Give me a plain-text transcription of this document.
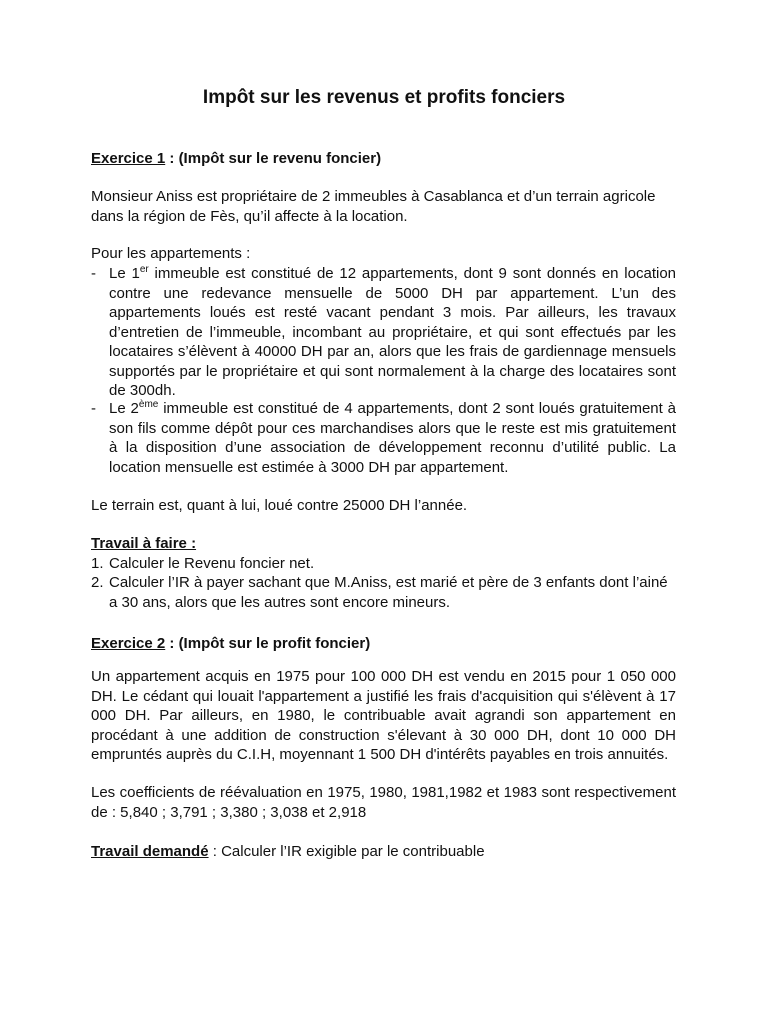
Impôt sur les revenus et profits fonciers

Exercice 1 : (Impôt sur le revenu foncier)

Monsieur Aniss est propriétaire de 2 immeubles à Casablanca et d’un terrain agricole dans la région de Fès, qu’il affecte à la location.

Pour les appartements :

- Le 1er immeuble est constitué de 12 appartements, dont 9 sont donnés en location contre une redevance mensuelle de 5000 DH par appartement. L’un des appartements loués est resté vacant pendant 3 mois. Par ailleurs, les travaux d’entretien de l’immeuble, incombant au propriétaire, et qui sont effectués par les locataires s’élèvent à 40000 DH par an, alors que les frais de gardiennage mensuels supportés par le propriétaire et qui sont normalement à la charge des locataires sont de 300dh.
- Le 2ème immeuble est constitué de 4 appartements, dont 2 sont loués gratuitement à son fils comme dépôt pour ces marchandises alors que le reste est mis gratuitement à la disposition d’une association de développement reconnu d’utilité public. La location mensuelle est estimée à 3000 DH par appartement.

Le terrain est, quant à lui, loué contre 25000 DH l’année.

Travail à faire :

1. Calculer le Revenu foncier net.
2. Calculer l’IR à payer sachant que M.Aniss, est marié et père de 3 enfants dont l’ainé a 30 ans, alors que les autres sont encore mineurs.

Exercice 2 : (Impôt sur le profit foncier)

Un appartement acquis en 1975 pour 100 000 DH est vendu en 2015 pour 1 050 000 DH. Le cédant qui louait l'appartement a justifié les frais d'acquisition qui s'élèvent à 17 000 DH. Par ailleurs, en 1980, le contribuable avait agrandi son appartement en procédant à une addition de construction s'élevant à 30 000 DH, dont 10 000 DH empruntés auprès du C.I.H, moyennant 1 500 DH d'intérêts payables en trois annuités.

Les coefficients de réévaluation en 1975, 1980, 1981,1982 et 1983 sont respectivement de : 5,840 ; 3,791 ; 3,380 ; 3,038 et 2,918

Travail demandé : Calculer l’IR exigible par le contribuable
